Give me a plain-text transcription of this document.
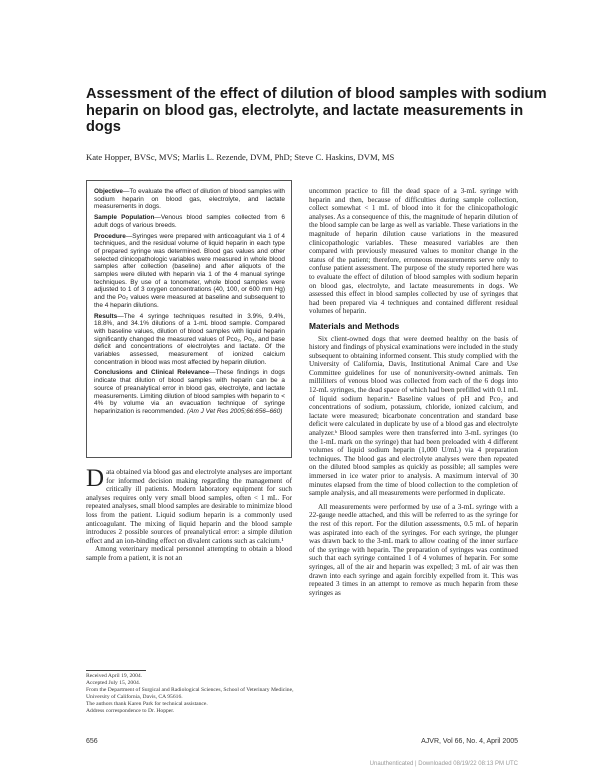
Assessment of the effect of dilution of blood samples with sodium heparin on blood gas, electrolyte, and lactate measurements in dogs

Kate Hopper, BVSc, MVS; Marlis L. Rezende, DVM, PhD; Steve C. Haskins, DVM, MS

Objective—To evaluate the effect of dilution of blood samples with sodium heparin on blood gas, electrolyte, and lactate measurements in dogs.

Sample Population—Venous blood samples collected from 6 adult dogs of various breeds.

Procedure—Syringes were prepared with anticoagulant via 1 of 4 techniques, and the residual volume of liquid heparin in each type of prepared syringe was determined. Blood gas values and other selected clinicopathologic variables were measured in whole blood samples after collection (baseline) and after aliquots of the samples were diluted with heparin via 1 of the 4 manual syringe techniques. By use of a tonometer, whole blood samples were adjusted to 1 of 3 oxygen concentrations (40, 100, or 600 mm Hg) and the Po₂ values were measured at baseline and subsequent to the 4 heparin dilutions.

Results—The 4 syringe techniques resulted in 3.9%, 9.4%, 18.8%, and 34.1% dilutions of a 1-mL blood sample. Compared with baseline values, dilution of blood samples with liquid heparin significantly changed the measured values of Pco₂, Po₂, and base deficit and concentrations of electrolytes and lactate. Of the variables assessed, measurement of ionized calcium concentration in blood was most affected by heparin dilution.

Conclusions and Clinical Relevance—These findings in dogs indicate that dilution of blood samples with heparin can be a source of preanalytical error in blood gas, electrolyte, and lactate measurements. Limiting dilution of blood samples with heparin to < 4% by volume via an evacuation technique of syringe heparinization is recommended. (Am J Vet Res 2005;66:656–660)

Data obtained via blood gas and electrolyte analyses are important for informed decision making regarding the management of critically ill patients. Modern laboratory equipment for such analyses requires only very small blood samples, often < 1 mL. For repeated analyses, small blood samples are desirable to minimize blood loss from the patient. Liquid sodium heparin is a commonly used anticoagulant. The mixing of liquid heparin and the blood sample introduces 2 possible sources of preanalytical error: a simple dilution effect and an ion-binding effect on divalent cations such as calcium.¹

Among veterinary medical personnel attempting to obtain a blood sample from a patient, it is not an

uncommon practice to fill the dead space of a 3-mL syringe with heparin and then, because of difficulties during sample collection, collect somewhat < 1 mL of blood into it for the clinicopathologic analyses. As a consequence of this, the magnitude of heparin dilution of the blood sample can be large as well as variable. These variations in the magnitude of heparin dilution cause variations in the measured clinicopathologic variables. These measured variables are then compared with previously measured values to monitor change in the status of the patient; therefore, erroneous measurements serve only to confuse patient assessment. The purpose of the study reported here was to evaluate the effect of dilution of blood samples with sodium heparin on blood gas, electrolyte, and lactate measurements in dogs. We assessed this effect in blood samples collected by use of syringes that had been prepared via 4 techniques and contained different residual volumes of heparin.

Materials and Methods

Six client-owned dogs that were deemed healthy on the basis of history and findings of physical examinations were included in the study subsequent to obtaining informed consent. This study complied with the University of California, Davis, Institutional Animal Care and Use Committee guidelines for use of nonuniversity-owned animals. Ten milliliters of venous blood was collected from each of the 6 dogs into 12-mL syringes, the dead space of which had been prefilled with 0.1 mL of liquid sodium heparin.ᵃ Baseline values of pH and Pco₂ and concentrations of sodium, potassium, chloride, ionized calcium, and lactate were measured; bicarbonate concentration and standard base deficit were calculated in duplicate by use of a blood gas and electrolyte analyzer.ᵇ Blood samples were then transferred into 3-mL syringes (to the 1-mL mark on the syringe) that had been preloaded with 4 different volumes of liquid sodium heparin (1,000 U/mL) via 4 preparation techniques. The blood gas and electrolyte analyses were then repeated on the diluted blood samples as quickly as possible; all samples were immersed in ice water prior to analysis. A maximum interval of 30 minutes elapsed from the time of blood collection to the completion of sample analysis, and all measurements were performed in duplicate.

All measurements were performed by use of a 3-mL syringe with a 22-gauge needle attached, and this will be referred to as the syringe for the rest of this report. For the dilution assessments, 0.5 mL of heparin was aspirated into each of the syringes. For each syringe, the plunger was drawn back to the 3-mL mark to allow coating of the inner surface of the syringe with heparin. The preparation of syringes was continued such that each syringe contained 1 of 4 volumes of heparin. For some syringes, all of the air and heparin was expelled; 3 mL of air was then drawn into each syringe and again forcibly expelled from it. This was repeated 3 times in an attempt to remove as much heparin from these syringes as

Received April 19, 2004.
Accepted July 15, 2004.
From the Department of Surgical and Radiological Sciences, School of Veterinary Medicine, University of California, Davis, CA 95616.
The authors thank Karen Park for technical assistance.
Address correspondence to Dr. Hopper.
656	AJVR, Vol 66, No. 4, April 2005
Unauthenticated | Downloaded 08/19/22 08:13 PM UTC
